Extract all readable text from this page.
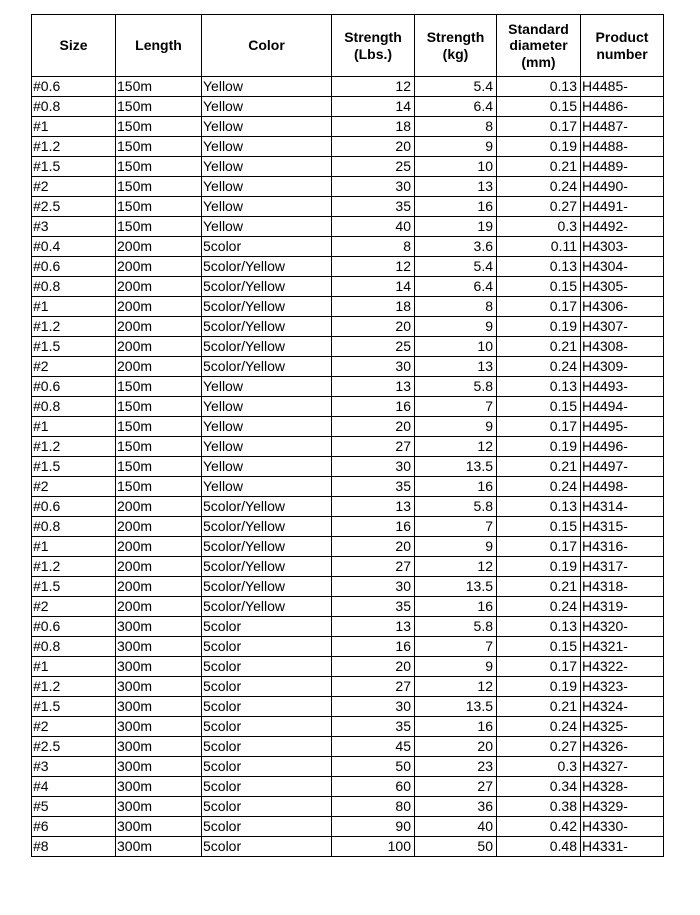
Size	Length	Color	Strength (Lbs.)	Strength (kg)	Standard diameter (mm)	Product number
#0.6	150m	Yellow	12	5.4	0.13	H4485-
#0.8	150m	Yellow	14	6.4	0.15	H4486-
#1	150m	Yellow	18	8	0.17	H4487-
#1.2	150m	Yellow	20	9	0.19	H4488-
#1.5	150m	Yellow	25	10	0.21	H4489-
#2	150m	Yellow	30	13	0.24	H4490-
#2.5	150m	Yellow	35	16	0.27	H4491-
#3	150m	Yellow	40	19	0.3	H4492-
#0.4	200m	5color	8	3.6	0.11	H4303-
#0.6	200m	5color/Yellow	12	5.4	0.13	H4304-
#0.8	200m	5color/Yellow	14	6.4	0.15	H4305-
#1	200m	5color/Yellow	18	8	0.17	H4306-
#1.2	200m	5color/Yellow	20	9	0.19	H4307-
#1.5	200m	5color/Yellow	25	10	0.21	H4308-
#2	200m	5color/Yellow	30	13	0.24	H4309-
#0.6	150m	Yellow	13	5.8	0.13	H4493-
#0.8	150m	Yellow	16	7	0.15	H4494-
#1	150m	Yellow	20	9	0.17	H4495-
#1.2	150m	Yellow	27	12	0.19	H4496-
#1.5	150m	Yellow	30	13.5	0.21	H4497-
#2	150m	Yellow	35	16	0.24	H4498-
#0.6	200m	5color/Yellow	13	5.8	0.13	H4314-
#0.8	200m	5color/Yellow	16	7	0.15	H4315-
#1	200m	5color/Yellow	20	9	0.17	H4316-
#1.2	200m	5color/Yellow	27	12	0.19	H4317-
#1.5	200m	5color/Yellow	30	13.5	0.21	H4318-
#2	200m	5color/Yellow	35	16	0.24	H4319-
#0.6	300m	5color	13	5.8	0.13	H4320-
#0.8	300m	5color	16	7	0.15	H4321-
#1	300m	5color	20	9	0.17	H4322-
#1.2	300m	5color	27	12	0.19	H4323-
#1.5	300m	5color	30	13.5	0.21	H4324-
#2	300m	5color	35	16	0.24	H4325-
#2.5	300m	5color	45	20	0.27	H4326-
#3	300m	5color	50	23	0.3	H4327-
#4	300m	5color	60	27	0.34	H4328-
#5	300m	5color	80	36	0.38	H4329-
#6	300m	5color	90	40	0.42	H4330-
#8	300m	5color	100	50	0.48	H4331-
